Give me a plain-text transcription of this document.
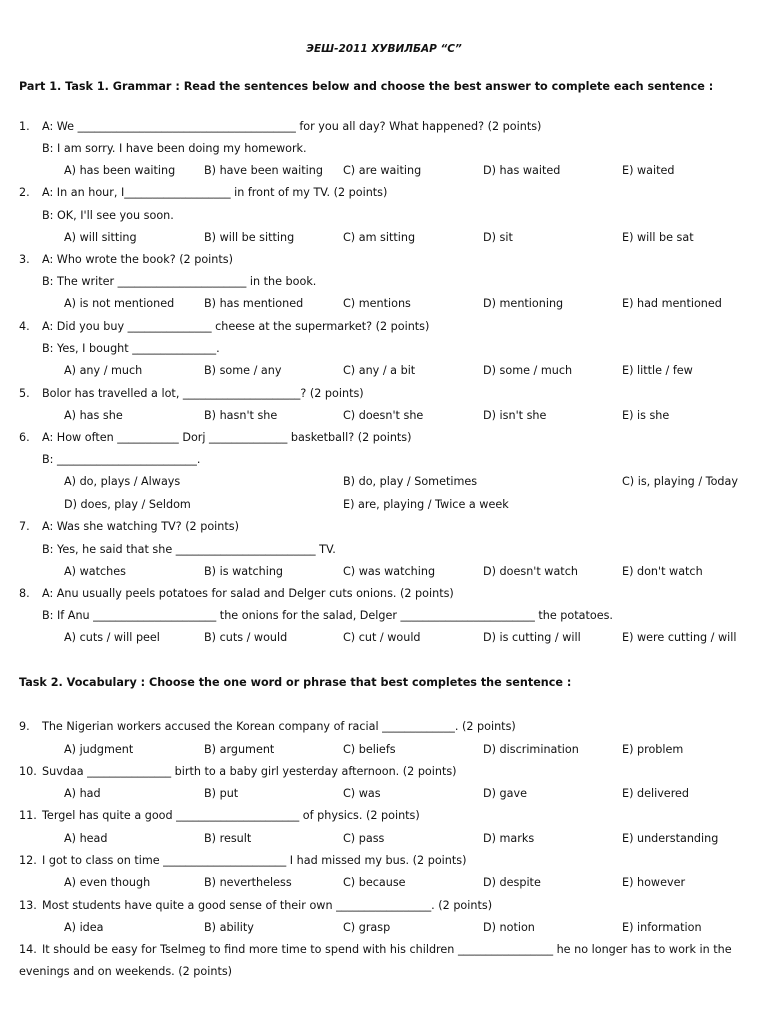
ЭЕШ-2011 ХУВИЛБАР “С”
Part 1. Task 1. Grammar : Read the sentences below and choose the best answer to complete each sentence :
1.	A: We _______________________________________ for you all day? What happened? (2 points)
B: I am sorry. I have been doing my homework.
A) has been waiting	B) have been waiting C) are waiting	D) has waited	E) waited
2.	A: In an hour, I___________________ in front of my TV. (2 points)
B: OK, I'll see you soon.
A) will sitting	B) will be sitting	C) am sitting	D) sit	E) will be sat
3.	A: Who wrote the book? (2 points)
B: The writer _______________________ in the book.
A) is not mentioned	B) has mentioned	C) mentions	D) mentioning	E) had mentioned
4.	A: Did you buy _______________ cheese at the supermarket? (2 points)
B: Yes, I bought _______________.
A) any / much	B) some / any	C) any / a bit	D) some / much	E) little / few
5.	Bolor has travelled a lot, _____________________? (2 points)
A) has she	B) hasn't she	C) doesn't she	D) isn't she	E) is she
6.	A: How often ___________ Dorj ______________ basketball? (2 points)
B: _________________________.
A) do, plays / Always	B) do, play / Sometimes	C) is, playing / Today
D) does, play / Seldom	E) are, playing / Twice a week
7.	A: Was she watching TV? (2 points)
B: Yes, he said that she _________________________ TV.
A) watches	B) is watching	C) was watching	D) doesn't watch	E) don't watch
8.	A: Anu usually peels potatoes for salad and Delger cuts onions. (2 points)
B: If Anu ______________________ the onions for the salad, Delger ________________________ the potatoes.
A) cuts / will peel	B) cuts / would	C) cut / would	D) is cutting / will	E) were cutting / will
Task 2. Vocabulary : Choose the one word or phrase that best completes the sentence :
9.	The Nigerian workers accused the Korean company of racial _____________. (2 points)
A) judgment	B) argument	C) beliefs	D) discrimination	E) problem
10. Suvdaa _______________ birth to a baby girl yesterday afternoon. (2 points)
A) had	B) put	C) was	D) gave	E) delivered
11. Tergel has quite a good ______________________ of physics. (2 points)
A) head	B) result	C) pass	D) marks	E) understanding
12. I got to class on time ______________________ I had missed my bus. (2 points)
A) even though	B) nevertheless	C) because	D) despite	E) however
13. Most students have quite a good sense of their own _________________. (2 points)
A) idea	B) ability	C) grasp	D) notion	E) information
14. It should be easy for Tselmeg to find more time to spend with his children _________________ he no longer has to work in the
evenings and on weekends. (2 points)
